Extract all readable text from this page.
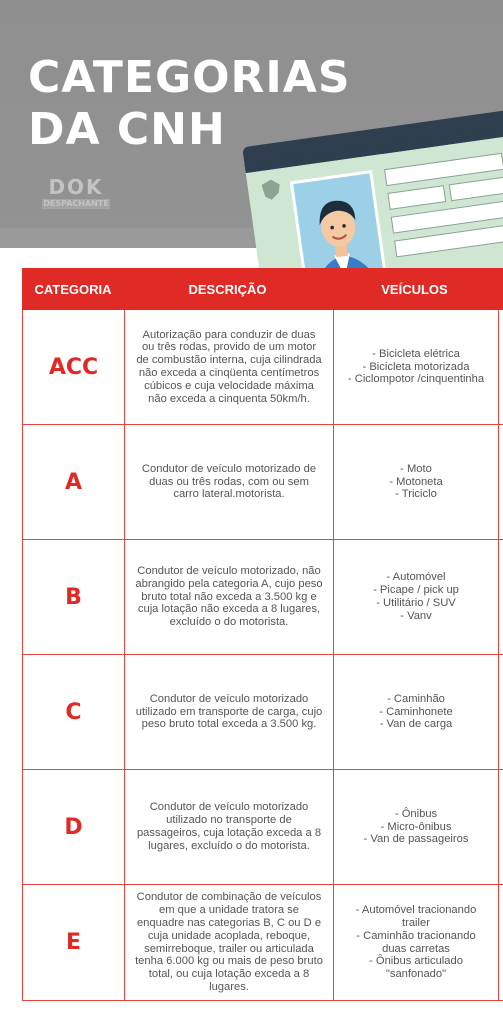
CATEGORIAS
DA CNH
DOK
DESPACHANTE
CATEGORIA	DESCRIÇÃO	VEÍCULOS
ACC
Autorização para conduzir de duas ou três rodas, provido de um motor de combustão interna, cuja cilindrada não exceda a cinqüenta centímetros cúbicos e cuja velocidade máxima não exceda a cinquenta 50km/h.
- Bicicleta elétrica
- Bicicleta motorizada
- Ciclompotor /cinquentinha
A
Condutor de veículo motorizado de duas ou três rodas, com ou sem carro lateral.motorista.
- Moto
- Motoneta
- Triciclo
B
Condutor de veículo motorizado, não abrangido pela categoria A, cujo peso bruto total não exceda a 3.500 kg e cuja lotação não exceda a 8 lugares, excluído o do motorista.
- Automóvel
- Picape / pick up
- Utilitário / SUV
- Vanv
C
Condutor de veículo motorizado utilizado em transporte de carga, cujo peso bruto total exceda a 3.500 kg.
- Caminhão
- Caminhonete
- Van de carga
D
Condutor de veículo motorizado utilizado no transporte de passageiros, cuja lotação exceda a 8 lugares, excluído o do motorista.
- Ônibus
- Micro-ônibus
- Van de passageiros
E
Condutor de combinação de veículos em que a unidade tratora se enquadre nas categorias B, C ou D e cuja unidade acoplada, reboque, semirreboque, trailer ou articulada tenha 6.000 kg ou mais de peso bruto total, ou cuja lotação exceda a 8 lugares.
- Automóvel tracionando trailer
- Caminhão tracionando duas carretas
- Ônibus articulado "sanfonado"
